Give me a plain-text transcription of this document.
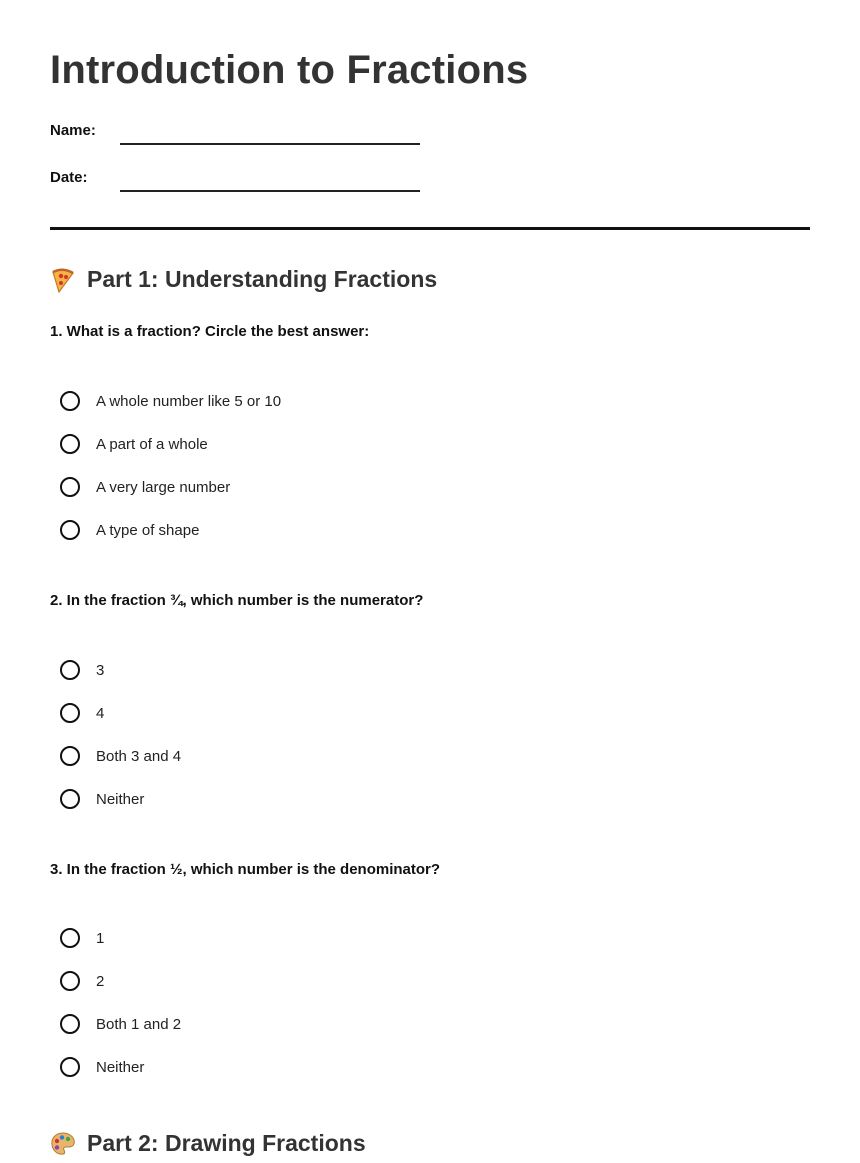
Introduction to Fractions
Name:
Date:
Part 1: Understanding Fractions
1. What is a fraction? Circle the best answer:
A whole number like 5 or 10
A part of a whole
A very large number
A type of shape
2. In the fraction ¾, which number is the numerator?
3
4
Both 3 and 4
Neither
3. In the fraction ½, which number is the denominator?
1
2
Both 1 and 2
Neither
Part 2: Drawing Fractions
